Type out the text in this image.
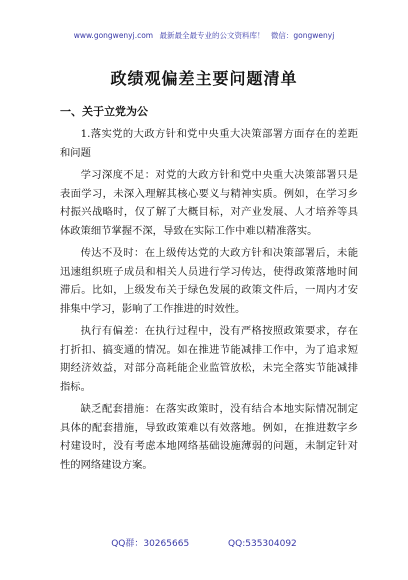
www.gongwenyj.com 最新最全最专业的公文资料库！ 微信：gongwenyj
政绩观偏差主要问题清单
一、关于立党为公

1.落实党的大政方针和党中央重大决策部署方面存在的差距和问题

学习深度不足：对党的大政方针和党中央重大决策部署只是表面学习，未深入理解其核心要义与精神实质。例如，在学习乡村振兴战略时，仅了解了大概目标，对产业发展、人才培养等具体政策细节掌握不深，导致在实际工作中难以精准落实。

传达不及时：在上级传达党的大政方针和决策部署后，未能迅速组织班子成员和相关人员进行学习传达，使得政策落地时间滞后。比如，上级发布关于绿色发展的政策文件后，一周内才安排集中学习，影响了工作推进的时效性。

执行有偏差：在执行过程中，没有严格按照政策要求，存在打折扣、搞变通的情况。如在推进节能减排工作中，为了追求短期经济效益，对部分高耗能企业监管放松，未完全落实节能减排指标。

缺乏配套措施：在落实政策时，没有结合本地实际情况制定具体的配套措施，导致政策难以有效落地。例如，在推进数字乡村建设时，没有考虑本地网络基础设施薄弱的问题，未制定针对性的网络建设方案。

QQ群：30265665	QQ:535304092
